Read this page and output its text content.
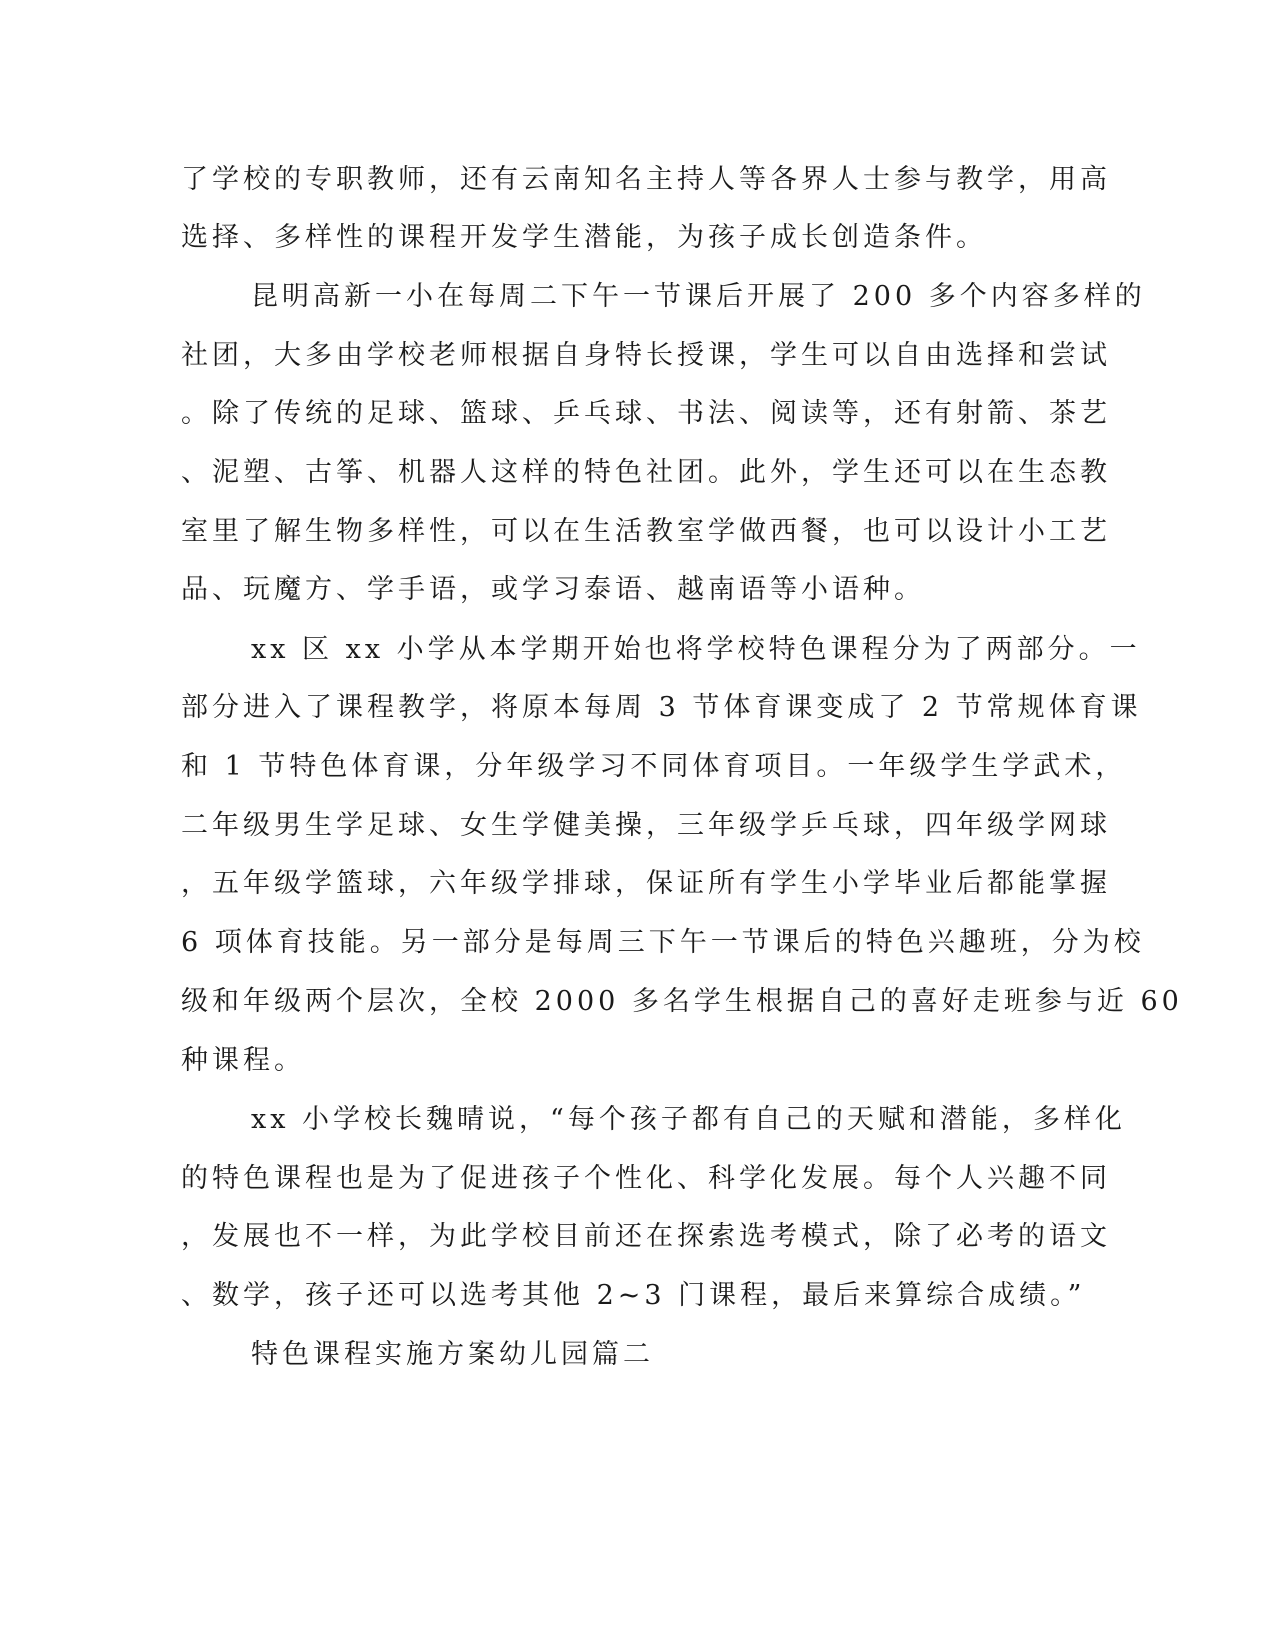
了学校的专职教师，还有云南知名主持人等各界人士参与教学，用高

选择、多样性的课程开发学生潜能，为孩子成长创造条件。

昆明高新一小在每周二下午一节课后开展了 200 多个内容多样的

社团，大多由学校老师根据自身特长授课，学生可以自由选择和尝试

。除了传统的足球、篮球、乒乓球、书法、阅读等，还有射箭、茶艺

、泥塑、古筝、机器人这样的特色社团。此外，学生还可以在生态教

室里了解生物多样性，可以在生活教室学做西餐，也可以设计小工艺

品、玩魔方、学手语，或学习泰语、越南语等小语种。

xx 区 xx 小学从本学期开始也将学校特色课程分为了两部分。一

部分进入了课程教学，将原本每周 3 节体育课变成了 2 节常规体育课

和 1 节特色体育课，分年级学习不同体育项目。一年级学生学武术，

二年级男生学足球、女生学健美操，三年级学乒乓球，四年级学网球

，五年级学篮球，六年级学排球，保证所有学生小学毕业后都能掌握

6 项体育技能。另一部分是每周三下午一节课后的特色兴趣班，分为校

级和年级两个层次，全校 2000 多名学生根据自己的喜好走班参与近 60

种课程。

xx 小学校长魏晴说，“每个孩子都有自己的天赋和潜能，多样化

的特色课程也是为了促进孩子个性化、科学化发展。每个人兴趣不同

，发展也不一样，为此学校目前还在探索选考模式，除了必考的语文

、数学，孩子还可以选考其他 2~3 门课程，最后来算综合成绩。”

特色课程实施方案幼儿园篇二
